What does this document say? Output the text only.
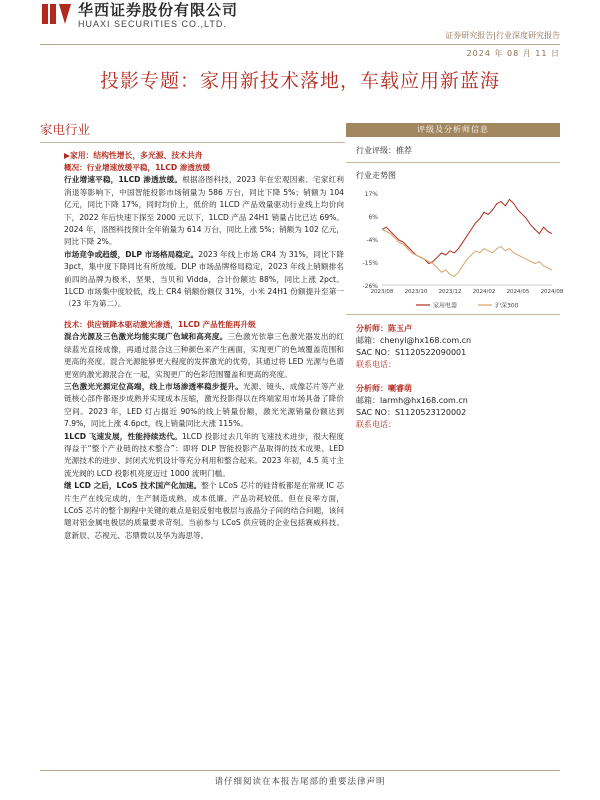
华西证券股份有限公司
HUAXI SECURITIES CO.,LTD.
证券研究报告|行业深度研究报告
2024 年 08 月 11 日
投影专题：家用新技术落地，车载应用新蓝海
家电行业

▶家用：结构性增长，多光源、技术共舟

概况：行业增速放缓平稳，1LCD 渗透放缓

行业增速平稳，1LCD 渗透放缓。根据洛图科技，2023 年在宏观因素、宅家红利消退等影响下，中国智能投影市场销量为 586 万台，同比下降 5%；销额为 104 亿元，同比下降 17%，同时均价上，低价的 1LCD 产品效量驱动行业线上均价向下，2022 年后快速下探至 2000 元以下，1LCD 产品 24H1 销量占比已达 69%。2024 年，洛图科技预计全年销量为 614 万台，同比上涨 5%；销额为 102 亿元，同比下降 2%。

市场竞争或趋缓，DLP 市场格局稳定。2023 年线上市场 CR4 为 31%，同比下降 3pct，集中度下降同比有所放缓。DLP 市场品牌格局稳定，2023 年线上销额排名前四的品牌为极米、坚果、当贝和 Vidda，合计份额达 88%，同比上涨 2pct。1LCD 市场集中度较低，线上 CR4 销额份额仅 31%，小米 24H1 份额提升至第一（23 年为第二）。

技术：供应链降本驱动激光渗透，1LCD 产品性能再升级

混合光源及三色激光均能实现广色域和高亮度。三色激光依靠三色激光器发出的红绿蓝光直接成像，再通过混合这三种颜色来产生画面，实现更广的色域覆盖范围和更高的亮度。混合光源能够更大程度的发挥激光的优势，其通过将 LED 光源与色谱更宽的激光源混合在一起，实现更广的色彩范围覆盖和更高的亮度。

三色激光光源定位高端，线上市场渗透率稳步提升。光源、镜头、成像芯片等产业链核心部件都逐步成熟并实现成本压缩，激光投影得以在终端家用市场具备了降价空间。2023 年，LED 灯占据近 90%的线上销量份额，激光光源销量份额达到 7.9%，同比上涨 4.6pct，线上销量同比大涨 115%。

1LCD 飞速发展，性能持续迭代。1LCD 投影过去几年的飞速技术进步，很大程度得益于“整个产业链的技术整合”：即将 DLP 智能投影产品取得的技术成果、LED 光源技术的进步、封闭式光机设计等充分利用和整合起来。2023 年初，4.5 英寸主流光阀的 LCD 投影机亮度迈过 1000 流明门槛。

继 LCD 之后，LCoS 技术国产化加速。整个 LCoS 芯片的硅背板都是在常规 IC 芯片生产在线完成的，生产制造成熟、成本低廉、产品功耗较低。但在良率方面，LCoS 芯片的整个制程中关键的难点是铝反射电极层与液晶分子间的结合问题，该问题对铝金属电极层的质量要求苛刻。当前参与 LCoS 供应链的企业包括赛威科技、意新辰、芯视元、芯鼎微以及华为海思等。

评级及分析师信息
行业评级：推荐
行业走势图
17%
6%
-4%
-15%
-26%
2023/08 2023/10 2023/12 2024/02 2024/05 2024/08
家用电器	沪深300
分析师：陈玉卢
邮箱：chenyl@hx168.com.cn
SAC NO：S1120522090001
联系电话：
分析师：喇睿萌
邮箱：larmh@hx168.com.cn
SAC NO：S1120523120002
联系电话：
请仔细阅读在本报告尾部的重要法律声明
